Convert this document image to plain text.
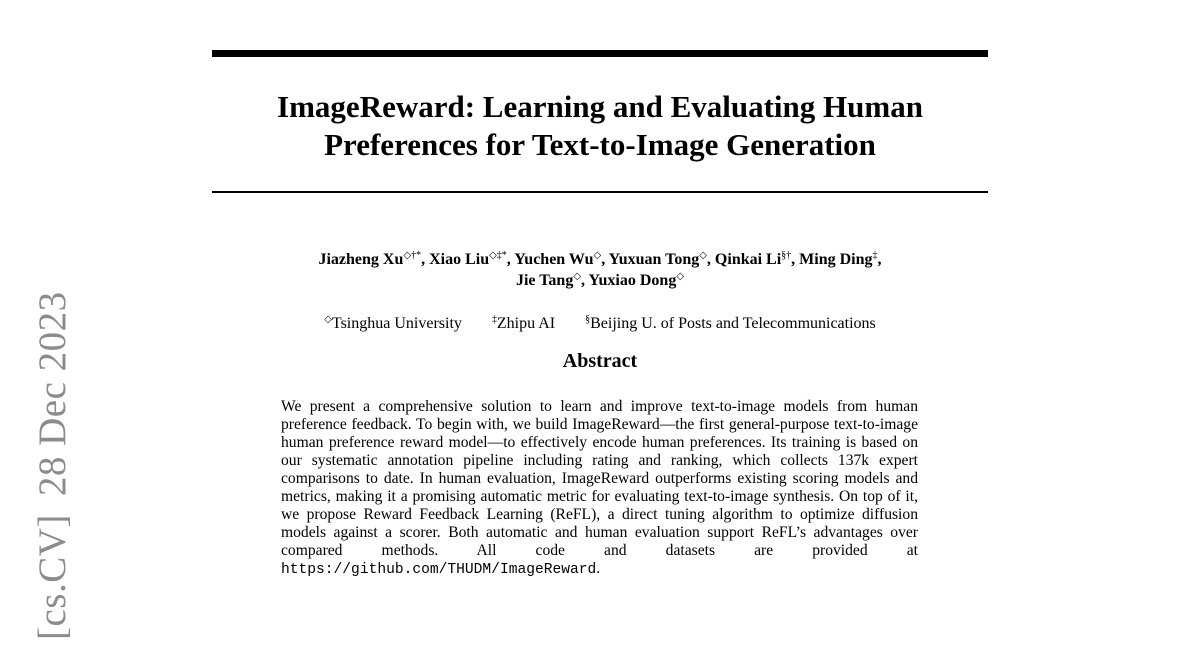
[cs.CV]28 Dec 2023
ImageReward: Learning and Evaluating Human
Preferences for Text-to-Image Generation
Jiazheng Xu◇†*, Xiao Liu◇‡*, Yuchen Wu◇, Yuxuan Tong◇, Qinkai Li§†, Ming Ding‡,
Jie Tang◇, Yuxiao Dong◇
◇Tsinghua University	‡Zhipu AI	§Beijing U. of Posts and Telecommunications
Abstract

We present a comprehensive solution to learn and improve text-to-image models from human preference feedback. To begin with, we build ImageReward—the first general-purpose text-to-image human preference reward model—to effectively encode human preferences. Its training is based on our systematic annotation pipeline including rating and ranking, which collects 137k expert comparisons to date. In human evaluation, ImageReward outperforms existing scoring models and metrics, making it a promising automatic metric for evaluating text-to-image synthesis. On top of it, we propose Reward Feedback Learning (ReFL), a direct tuning algorithm to optimize diffusion models against a scorer. Both automatic and human evaluation support ReFL’s advantages over compared methods. All code and datasets are provided at https://github.com/THUDM/ImageReward.
